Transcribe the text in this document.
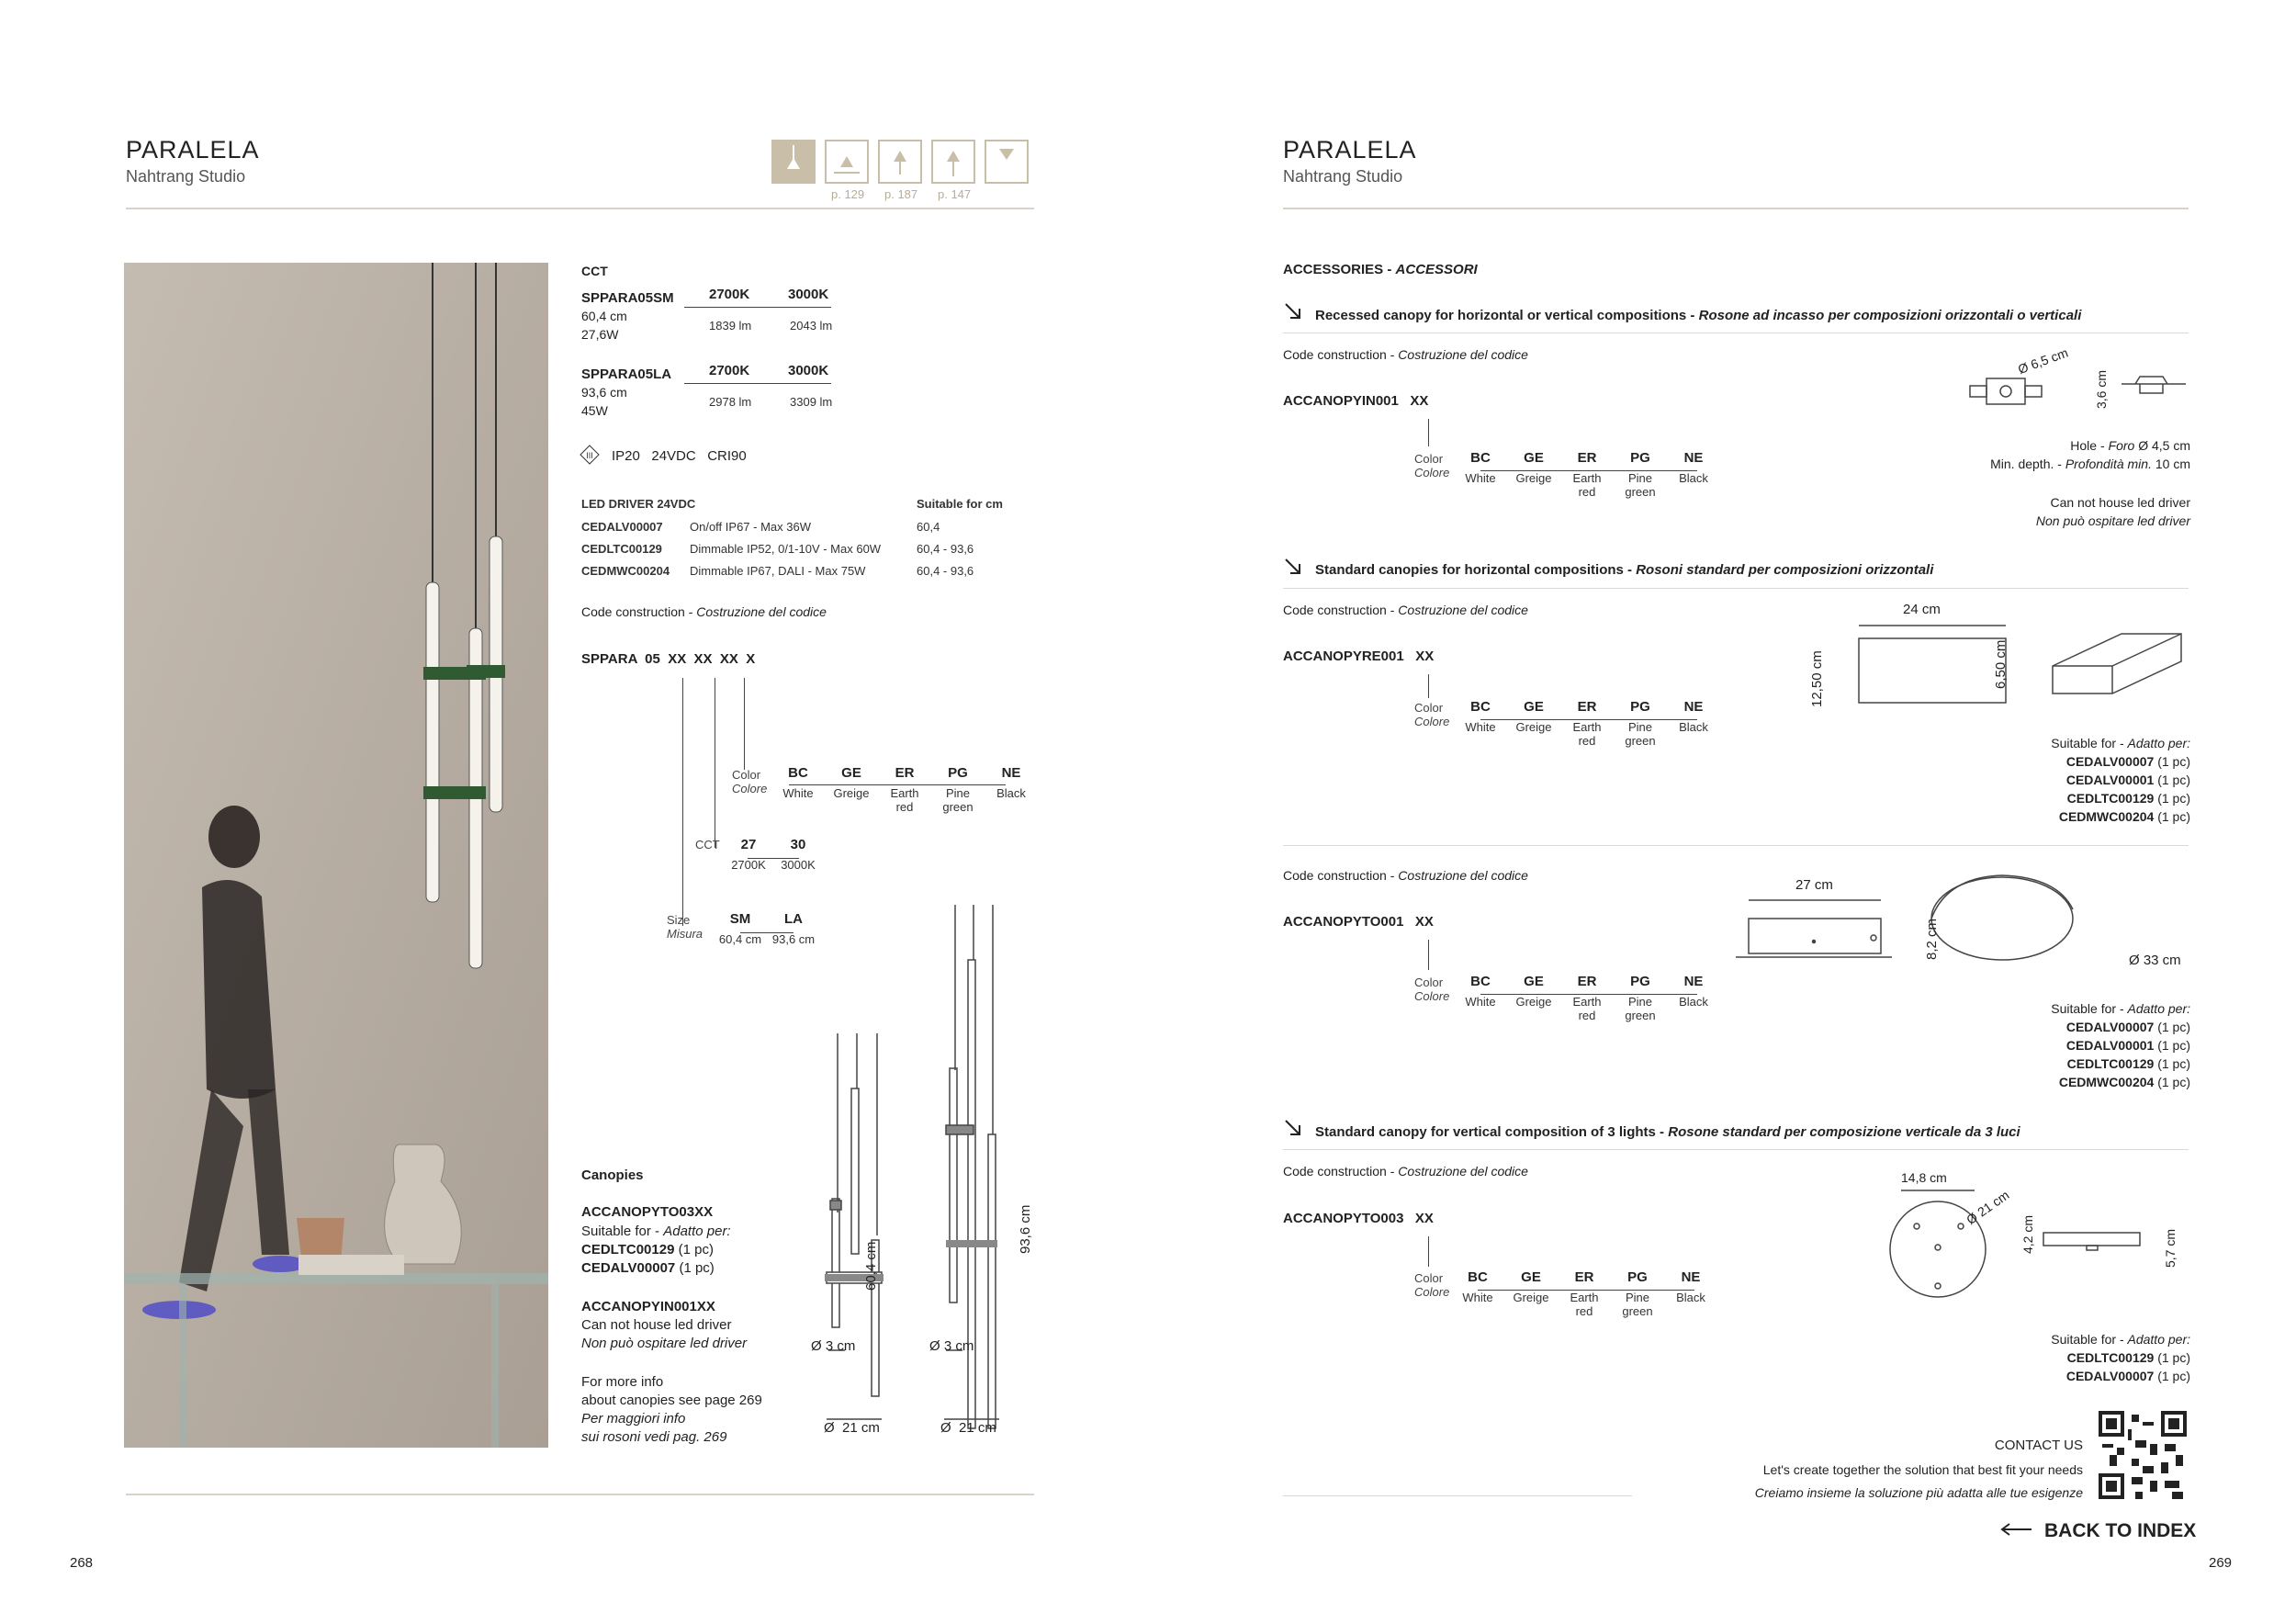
PARALELA
Nahtrang Studio
p. 129 p. 187 p. 147
CCT
SPPARA05SM
60,4 cm
27,6W
2700K	3000K
1839 lm	2043 lm
SPPARA05LA
93,6 cm
45W
2700K	3000K
2978 lm	3309 lm
III IP20   24VDC   CRI90
LED DRIVER 24VDC	Suitable for cm
CEDALV00007 On/off IP67 - Max 36W	60,4
CEDLTC00129 Dimmable IP52, 0/1-10V - Max 60W	60,4 - 93,6
CEDMWC00204 Dimmable IP67, DALI - Max 75W	60,4 - 93,6
Code construction - Costruzione del codice
SPPARA  05  XX  XX  XX  X
Color
Colore
BC
White
GE
Greige
ER
Earth red
PG
Pine green
NE
Black
CCT	27
2700K
30
3000K
Size
Misura
SM
60,4 cm
LA
93,6 cm
Canopies
ACCANOPYTO03XX
Suitable for - Adatto per:
CEDLTC00129 (1 pc)
CEDALV00007 (1 pc)
ACCANOPYIN001XX
Can not house led driver
Non può ospitare led driver
For more info
about canopies see page 269
Per maggiori info
sui rosoni vedi pag. 269
Ø 3 cm	Ø 3 cm
60,4 cm
93,6 cm
Ø  21 cm	Ø  21 cm
268
PARALELA
Nahtrang Studio
ACCESSORIES - ACCESSORI
Recessed canopy for horizontal or vertical compositions - Rosone ad incasso per composizioni orizzontali o verticali
Code construction - Costruzione del codice
ACCANOPYIN001   XX
Color
Colore
BC
White
GE
Greige
ER
Earth red
PG
Pine green
NE
Black
Ø 6,5 cm
3,6 cm
Hole - Foro Ø 4,5 cm
Min. depth. - Profondità min. 10 cm
Can not house led driver
Non può ospitare led driver
Standard canopies for horizontal compositions - Rosoni standard per composizioni orizzontali
Code construction - Costruzione del codice
ACCANOPYRE001   XX
Color
Colore
BC
White
GE
Greige
ER
Earth red
PG
Pine green
NE
Black
24 cm
12,50 cm	6,50 cm
Suitable for - Adatto per:
CEDALV00007 (1 pc)
CEDALV00001 (1 pc)
CEDLTC00129 (1 pc)
CEDMWC00204 (1 pc)
Code construction - Costruzione del codice
ACCANOPYTO001   XX
Color
Colore
BC
White
GE
Greige
ER
Earth red
PG
Pine green
NE
Black
27 cm
8,2 cm
Ø 33 cm
Suitable for - Adatto per:
CEDALV00007 (1 pc)
CEDALV00001 (1 pc)
CEDLTC00129 (1 pc)
CEDMWC00204 (1 pc)
Standard canopy for vertical composition of 3 lights - Rosone standard per composizione verticale da 3 luci
Code construction - Costruzione del codice
ACCANOPYTO003   XX
Color
Colore
BC
White
GE
Greige
ER
Earth red
PG
Pine green
NE
Black
14,8 cm
Ø 21 cm
4,2 cm	5,7 cm
Suitable for - Adatto per:
CEDLTC00129 (1 pc)
CEDALV00007 (1 pc)
CONTACT US
Let's create together the solution that best fit your needs
Creiamo insieme la soluzione più adatta alle tue esigenze
BACK TO INDEX
269
